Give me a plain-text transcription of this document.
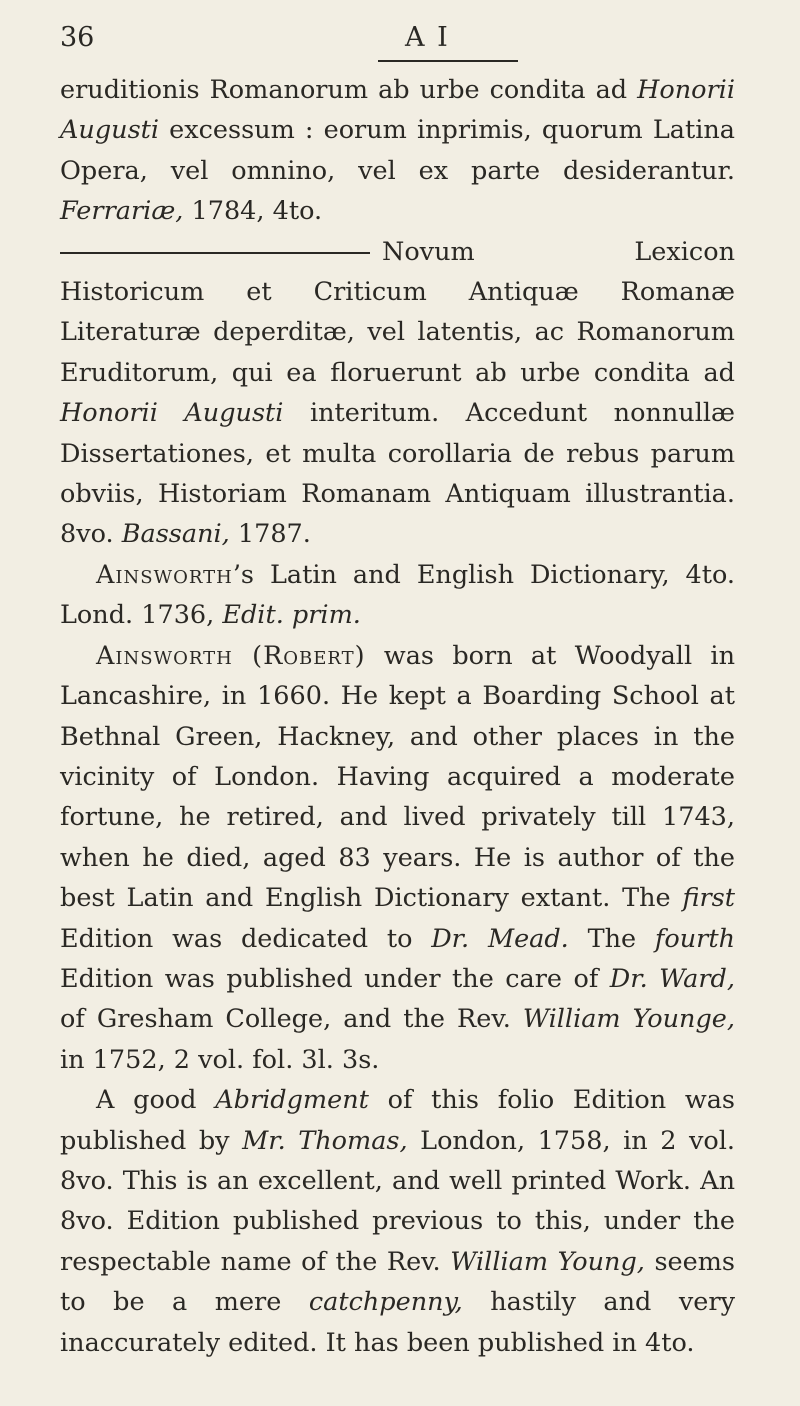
36	A I

eruditionis Romanorum ab urbe condita ad Honorii Augusti excessum : eorum inprimis, quorum Latina Opera, vel omnino, vel ex parte desiderantur. Ferrariæ, 1784, 4to.

Novum Lexicon Historicum et Criticum Antiquæ Romanæ Literaturæ deperditæ, vel latentis, ac Romanorum Eruditorum, qui ea floruerunt ab urbe condita ad Honorii Augusti interitum. Accedunt nonnullæ Dissertationes, et multa corollaria de rebus parum obviis, Historiam Romanam Antiquam illustrantia. 8vo. Bassani, 1787.

Ainsworth’s Latin and English Dictionary, 4to. Lond. 1736, Edit. prim.

Ainsworth (Robert) was born at Woodyall in Lancashire, in 1660. He kept a Boarding School at Bethnal Green, Hackney, and other places in the vicinity of London. Having acquired a moderate fortune, he retired, and lived privately till 1743, when he died, aged 83 years. He is author of the best Latin and English Dictionary extant. The first Edition was dedicated to Dr. Mead. The fourth Edition was published under the care of Dr. Ward, of Gresham College, and the Rev. William Younge, in 1752, 2 vol. fol. 3l. 3s.

A good Abridgment of this folio Edition was published by Mr. Thomas, London, 1758, in 2 vol. 8vo. This is an excellent, and well printed Work. An 8vo. Edition published previous to this, under the respectable name of the Rev. William Young, seems to be a mere catchpenny, hastily and very inaccurately edited. It has been published in 4to.
